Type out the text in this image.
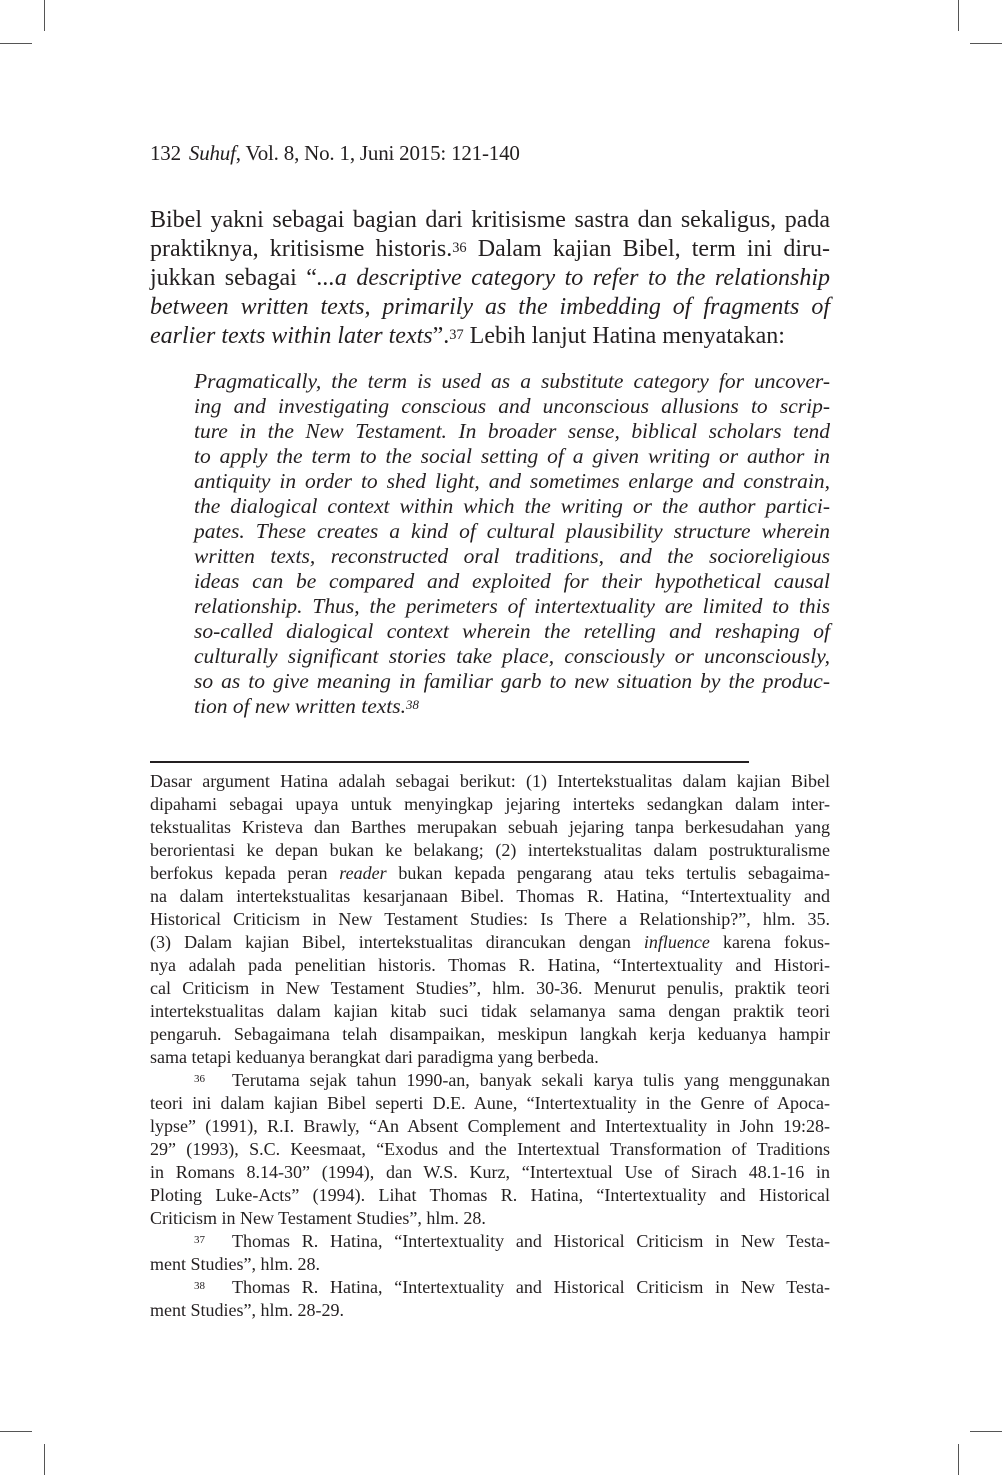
132 Suhuf, Vol. 8, No. 1, Juni 2015: 121-140
Bibel yakni sebagai bagian dari kritisisme sastra dan sekaligus, pada
praktiknya, kritisisme historis.$^{36}$ Dalam kajian Bibel, term ini diru-
jukkan sebagai “...a descriptive category to refer to the relationship
between written texts, primarily as the imbedding of fragments of
earlier texts within later texts”.$^{37}$ Lebih lanjut Hatina menyatakan:
Pragmatically, the term is used as a substitute category for uncover-
ing and investigating conscious and unconscious allusions to scrip-
ture in the New Testament. In broader sense, biblical scholars tend
to apply the term to the social setting of a given writing or author in
antiquity in order to shed light, and sometimes enlarge and constrain,
the dialogical context within which the writing or the author partici-
pates. These creates a kind of cultural plausibility structure wherein
written texts, reconstructed oral traditions, and the socioreligious
ideas can be compared and exploited for their hypothetical causal
relationship. Thus, the perimeters of intertextuality are limited to this
so-called dialogical context wherein the retelling and reshaping of
culturally significant stories take place, consciously or unconsciously,
so as to give meaning in familiar garb to new situation by the produc-
tion of new written texts.$^{38}$
Dasar argument Hatina adalah sebagai berikut: (1) Intertekstualitas dalam kajian Bibel
dipahami sebagai upaya untuk menyingkap jejaring interteks sedangkan dalam inter-
tekstualitas Kristeva dan Barthes merupakan sebuah jejaring tanpa berkesudahan yang
berorientasi ke depan bukan ke belakang; (2) intertekstualitas dalam postrukturalisme
berfokus kepada peran reader bukan kepada pengarang atau teks tertulis sebagaima-
na dalam intertekstualitas kesarjanaan Bibel. Thomas R. Hatina, “Intertextuality and
Historical Criticism in New Testament Studies: Is There a Relationship?”, hlm. 35.
(3) Dalam kajian Bibel, intertekstualitas dirancukan dengan influence karena fokus-
nya adalah pada penelitian historis. Thomas R. Hatina, “Intertextuality and Histori-
cal Criticism in New Testament Studies”, hlm. 30-36. Menurut penulis, praktik teori
intertekstualitas dalam kajian kitab suci tidak selamanya sama dengan praktik teori
pengaruh. Sebagaimana telah disampaikan, meskipun langkah kerja keduanya hampir
sama tetapi keduanya berangkat dari paradigma yang berbeda.
36 Terutama sejak tahun 1990-an, banyak sekali karya tulis yang menggunakan
teori ini dalam kajian Bibel seperti D.E. Aune, “Intertextuality in the Genre of Apoca-
lypse” (1991), R.I. Brawly, “An Absent Complement and Intertextuality in John 19:28-
29” (1993), S.C. Keesmaat, “Exodus and the Intertextual Transformation of Traditions
in Romans 8.14-30” (1994), dan W.S. Kurz, “Intertextual Use of Sirach 48.1-16 in
Ploting Luke-Acts” (1994). Lihat Thomas R. Hatina, “Intertextuality and Historical
Criticism in New Testament Studies”, hlm. 28.
37 Thomas R. Hatina, “Intertextuality and Historical Criticism in New Testa-
ment Studies”, hlm. 28.
38 Thomas R. Hatina, “Intertextuality and Historical Criticism in New Testa-
ment Studies”, hlm. 28-29.
